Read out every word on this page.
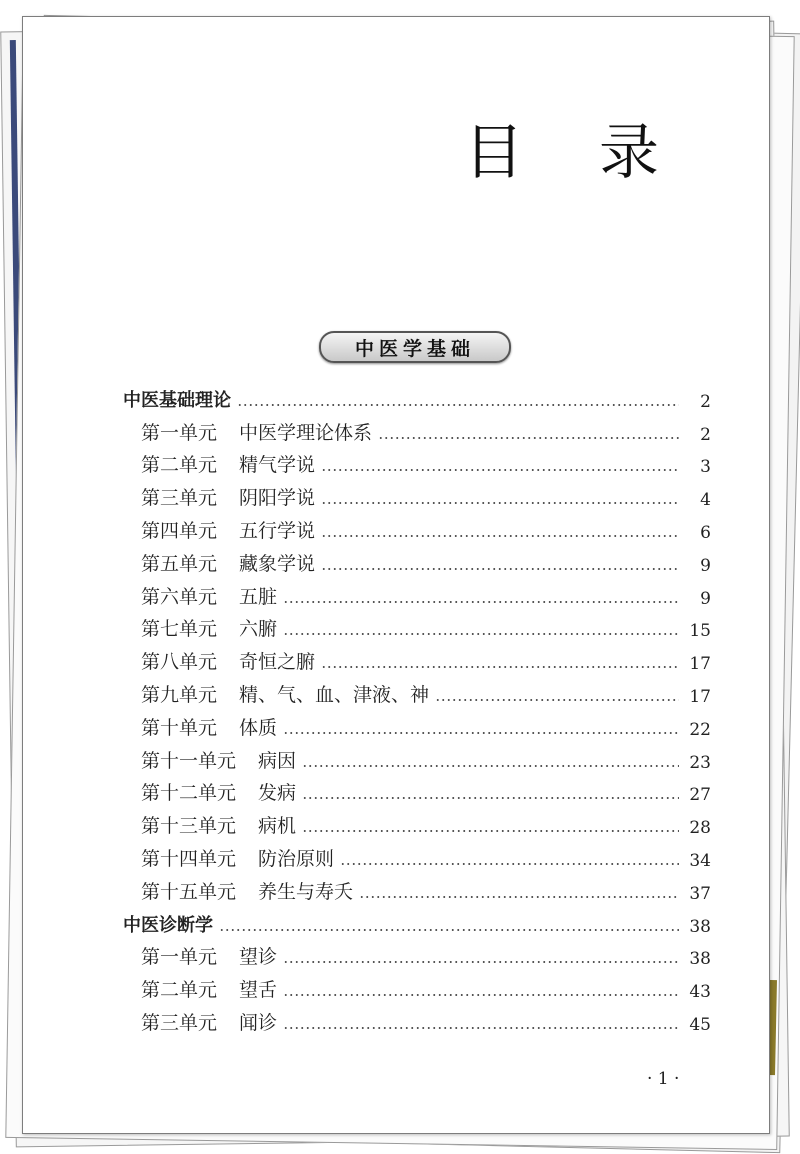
目 录
中医学基础
中医基础理论	2
第一单元 中医学理论体系	2
第二单元 精气学说	3
第三单元 阴阳学说	4
第四单元 五行学说	6
第五单元 藏象学说	9
第六单元 五脏	9
第七单元 六腑	15
第八单元 奇恒之腑	17
第九单元 精、气、血、津液、神	17
第十单元 体质	22
第十一单元 病因	23
第十二单元 发病	27
第十三单元 病机	28
第十四单元 防治原则	34
第十五单元 养生与寿夭	37
中医诊断学	38
第一单元 望诊	38
第二单元 望舌	43
第三单元 闻诊	45
· 1 ·
